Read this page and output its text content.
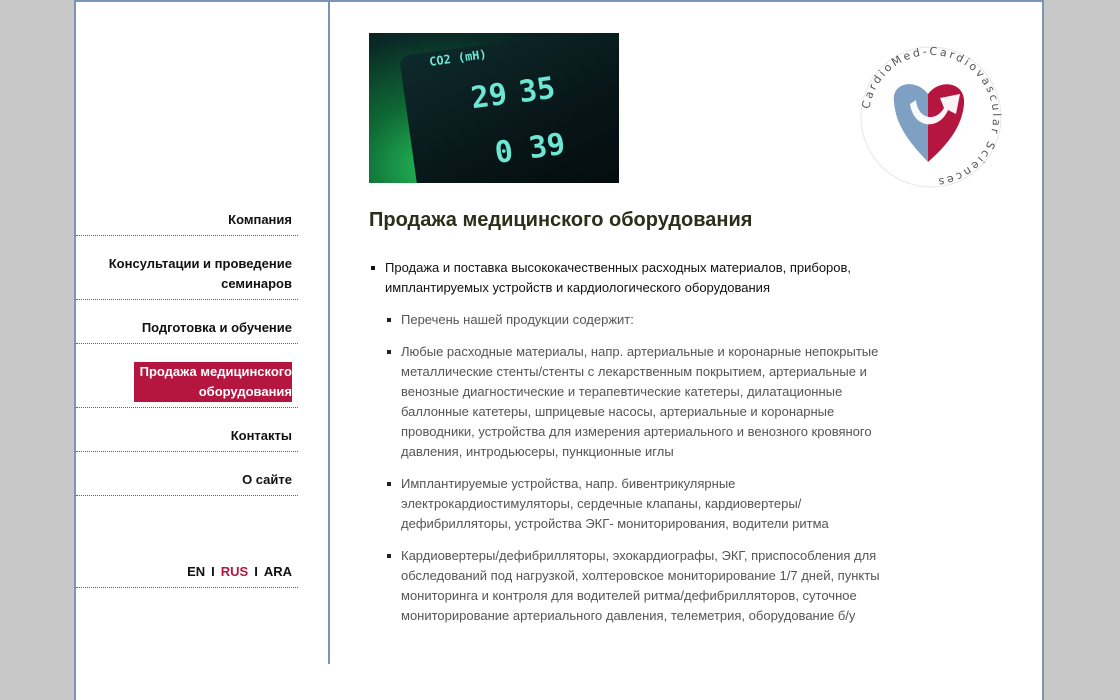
Компания
Консультации и проведение
семинаров
Подготовка и обучение
Продажа медицинского
оборудования
Контакты
О сайте
EN I RUS I ARA
CO2 (mH)
29 35
0 39
CardioMed-Cardiovascular Sciences
Продажа медицинского оборудования
Продажа и поставка высококачественных расходных материалов, приборов, имплантируемых устройств и кардиологического оборудования
Перечень нашей продукции содержит:
Любые расходные материалы, напр. артериальные и коронарные непокрытые металлические стенты/стенты с лекарственным покрытием, артериальные и венозные диагностические и терапевтические катетеры, дилатационные баллонные катетеры, шприцевые насосы, артериальные и коронарные проводники, устройства для измерения артериального и венозного кровяного давления, интродьюсеры, пункционные иглы
Имплантируемые устройства, напр. бивентрикулярные электрокардиостимуляторы, сердечные клапаны, кардиовертеры/дефибрилляторы, устройства ЭКГ- мониторирования, водители ритма
Кардиовертеры/дефибрилляторы, эхокардиографы, ЭКГ, приспособления для обследований под нагрузкой, холтеровское мониторирование 1/7 дней, пункты мониторинга и контроля для водителей ритма/дефибрилляторов, суточное мониторирование артериального давления, телеметрия, оборудование б/у
